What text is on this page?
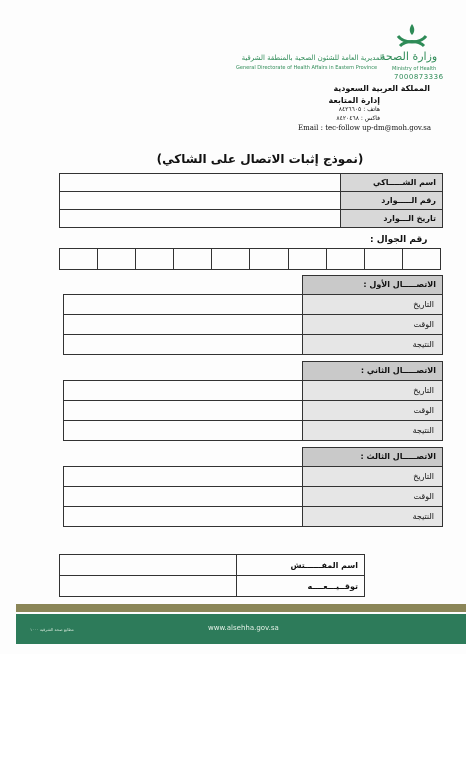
وزارة الصحة
Ministry of Health
7000873336
المديرية العامة للشئون الصحية بالمنطقة الشرقية
General Directorate of Health Affairs in Eastern Province
المملكة العربية السعودية
إدارة المتابعة
هاتف : ٨٤٢٦٦٠٥
فاكس : ٨٤٢٠٤٦٨
Email : tec-follow up-dm@moh.gov.sa
(نموذج إثبات الاتصال على الشاكي)
	اسم الشـــــاكي
	رقم الـــــوارد
	تاريخ الـــوارد
رقم الجوال :

	الاتصـــــال الأول :
	التاريخ
	الوقت
	النتيجة
	الاتصـــــال الثاني :
	التاريخ
	الوقت
	النتيجة
	الاتصـــــال الثالث :
	التاريخ
	الوقت
	النتيجة
	اسم المفــــــتش
	توقــيـــعــــه
www.alsehha.gov.sa
مطابع صحة الشرقية ١٠٠٠
